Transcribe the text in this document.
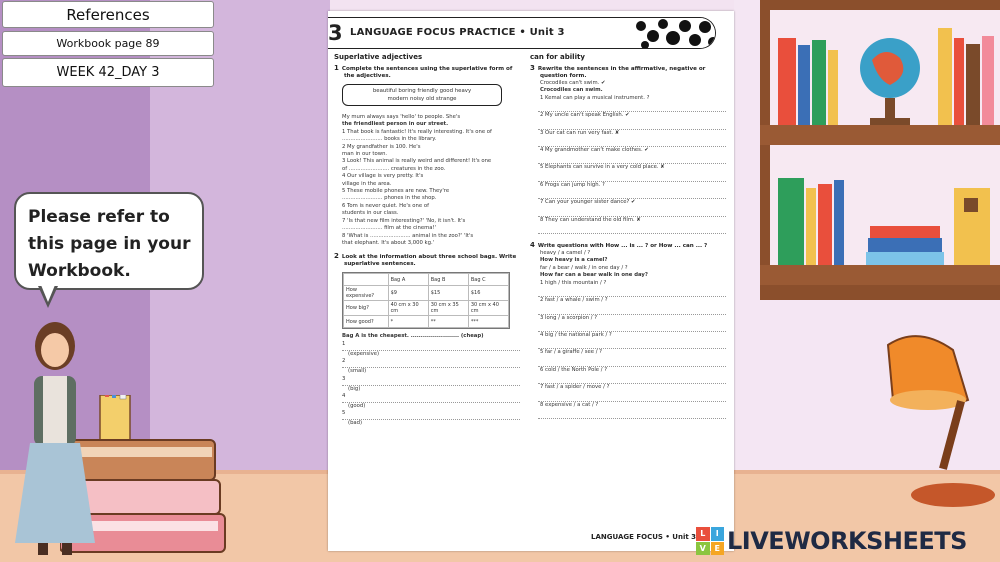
References
Workbook page 89
WEEK 42_DAY 3
Please refer to
this page in your
Workbook.
3 LANGUAGE FOCUS PRACTICE • Unit 3
Superlative adjectives
1 Complete the sentences using the superlative form of
the adjectives.
beautiful boring friendly good heavy
modern noisy old strange
My mum always says 'hello' to people. She's
the friendliest person in our street.
1 That book is fantastic! It's really interesting. It's one of
........................ books in the library.
2 My grandfather is 100. He's
man in our town.
3 Look! This animal is really weird and different! It's one
of ........................ creatures in the zoo.
4 Our village is very pretty. It's
village in the area.
5 These mobile phones are new. They're
........................ phones in the shop.
6 Tom is never quiet. He's one of
students in our class.
7 'Is that new film interesting?' 'No, it isn't. It's
........................ film at the cinema!'
8 'What is ........................ animal in the zoo?' 'It's
that elephant. It's about 3,000 kg.'
2 Look at the information about three school bags. Write
superlative sentences.
	Bag A	Bag B	Bag C
How expensive?	$9	$15	$16
How big?	40 cm x 30 cm	30 cm x 35 cm	30 cm x 40 cm
How good?	*	**	***
Bag A is the cheapest. ........................ (cheap)
1
(expensive)
2
(small)
3
(big)
4
(good)
5
(bad)
can for ability
3 Rewrite the sentences in the affirmative, negative or
question form.
Crocodiles can't swim. ✔
Crocodiles can swim.
1 Kemal can play a musical instrument. ?
2 My uncle can't speak English. ✔
3 Our cat can run very fast. ✘
4 My grandmother can't make clothes. ✔
5 Elephants can survive in a very cold place. ✘
6 Frogs can jump high. ?
7 Can your younger sister dance? ✔
8 They can understand the old film. ✘
4 Write questions with How ... is ... ? or How ... can ... ?
heavy / a camel / ?
How heavy is a camel?
far / a bear / walk / in one day / ?
How far can a bear walk in one day?
1 high / this mountain / ?
2 fast / a whale / swim / ?
3 long / a scorpion / ?
4 big / the national park / ?
5 far / a giraffe / see / ?
6 cold / the North Pole / ?
7 fast / a spider / move / ?
8 expensive / a cat / ?
LANGUAGE FOCUS • Unit 3 L	I
V	E LIVEWORKSHEETS
